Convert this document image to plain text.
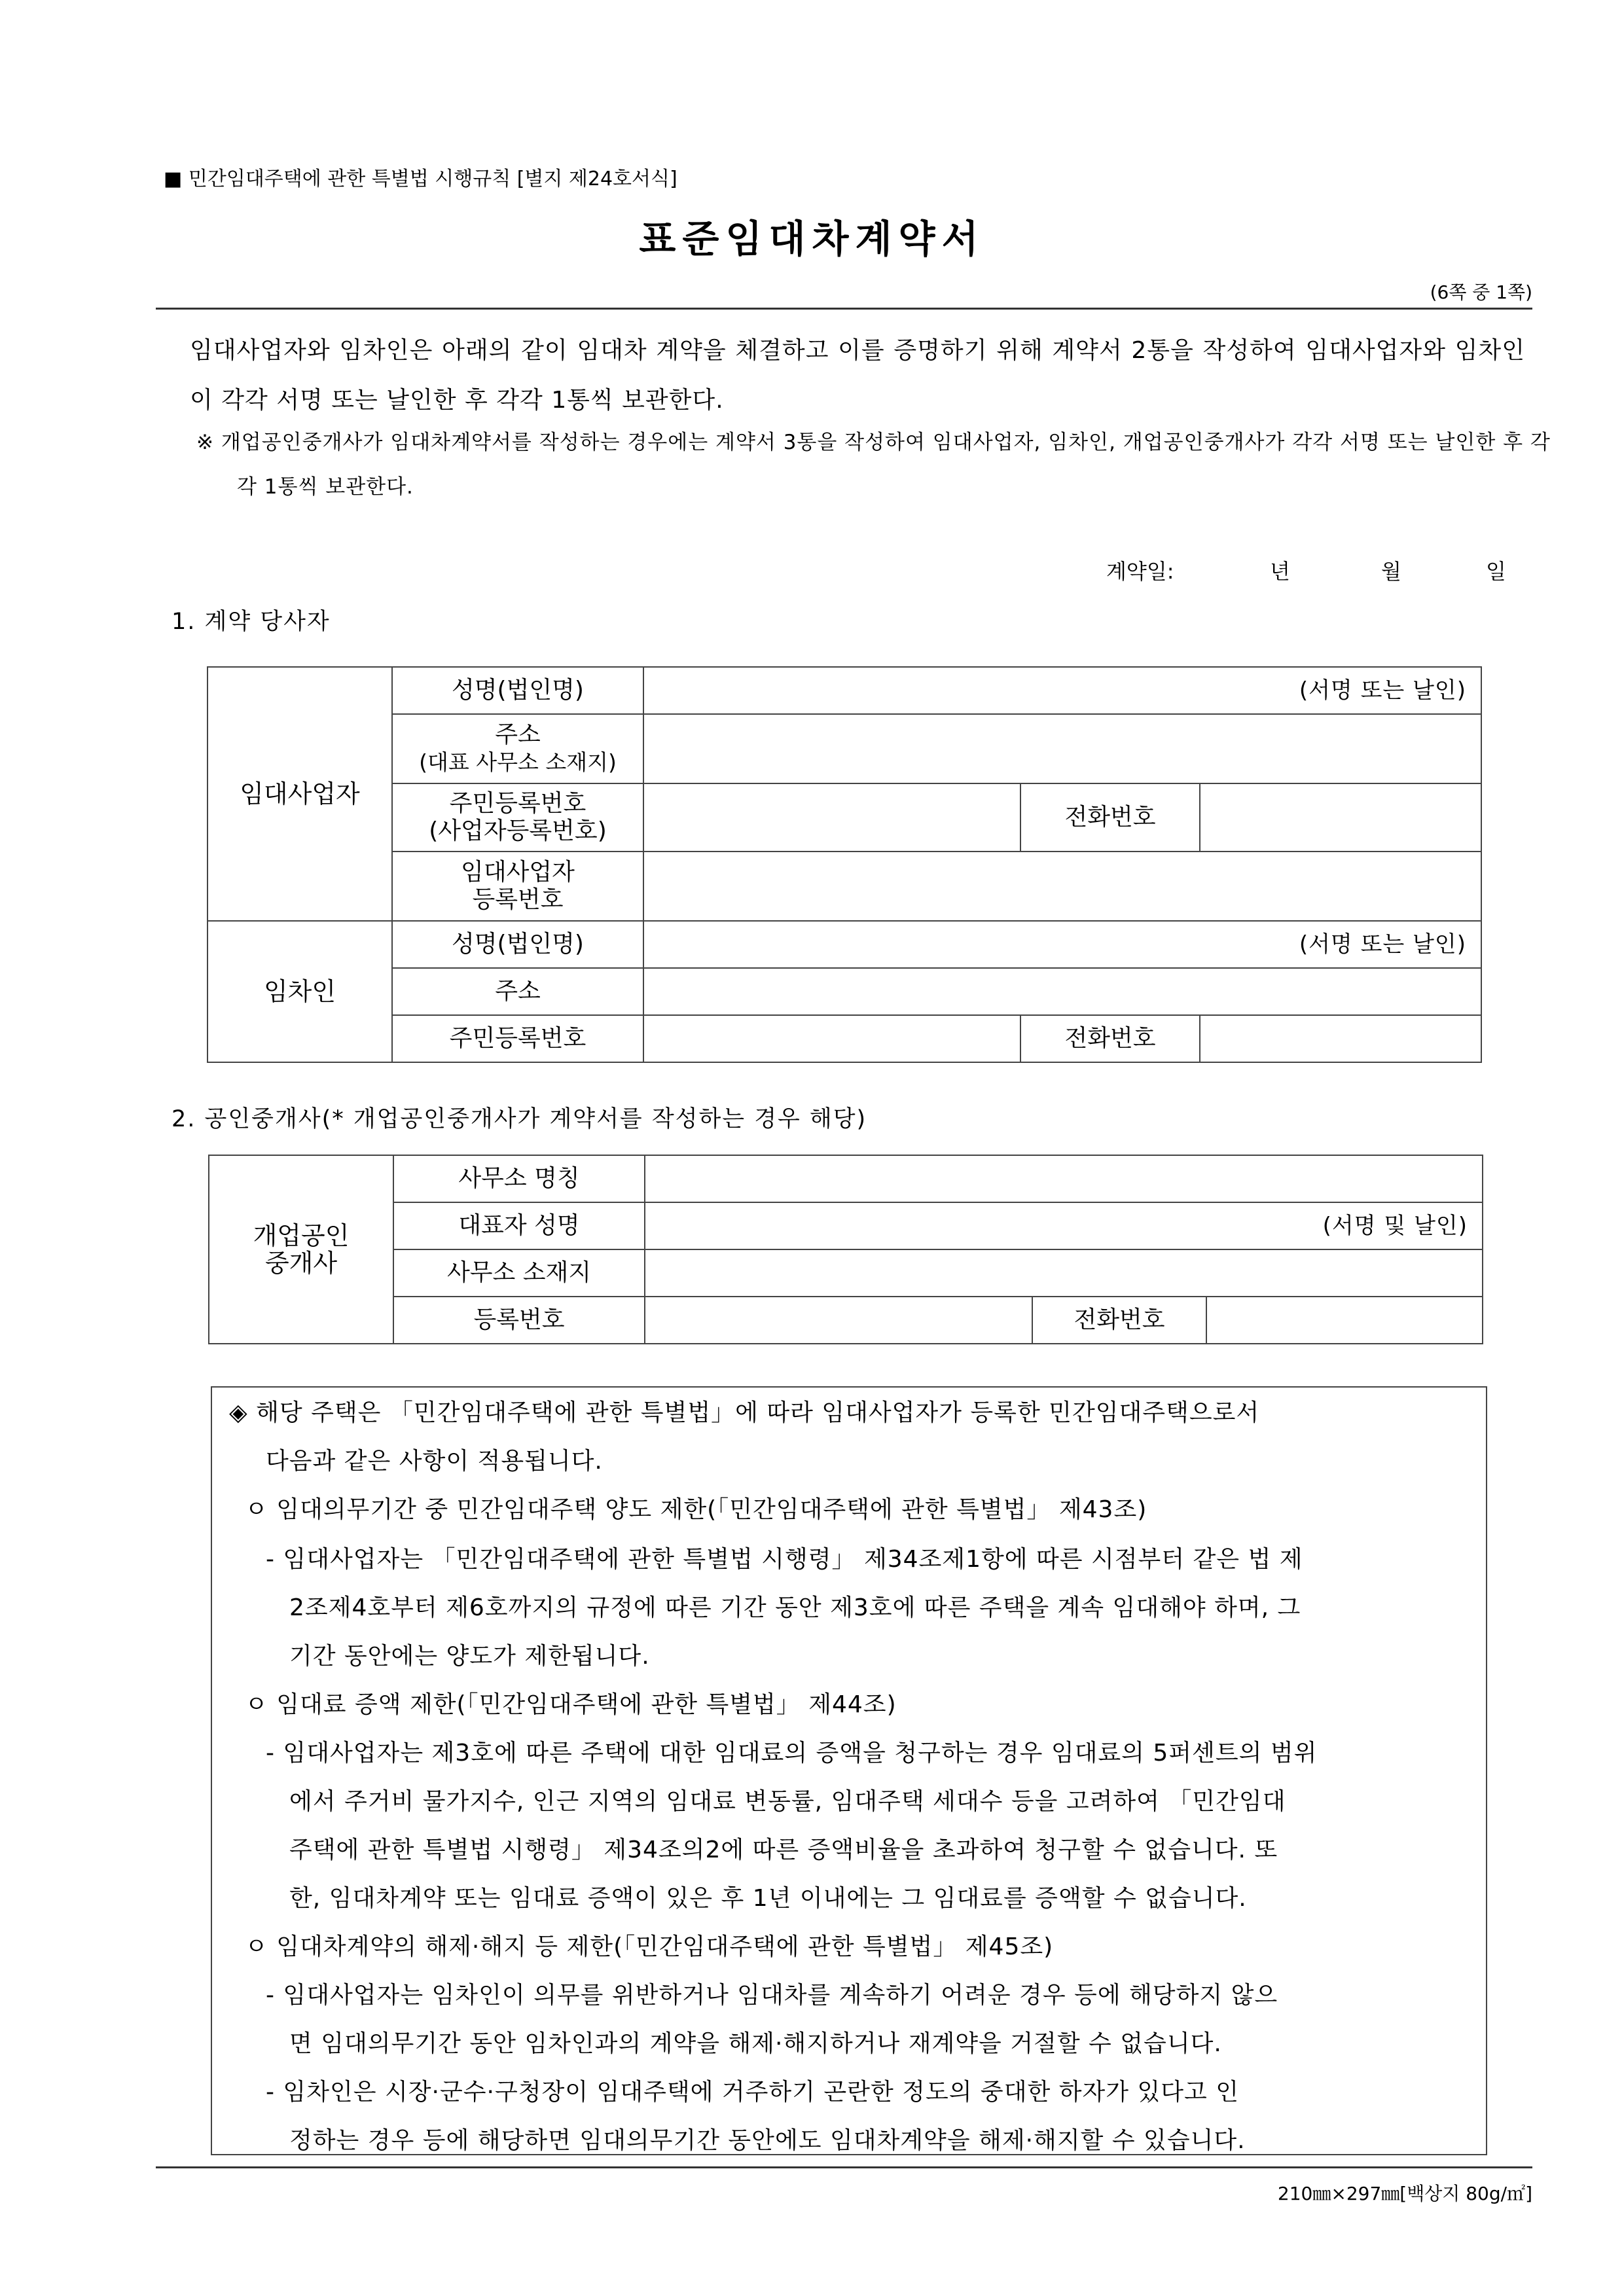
■ 민간임대주택에 관한 특별법 시행규칙 [별지 제24호서식]
표준임대차계약서
(6쪽 중 1쪽)
임대사업자와 임차인은 아래의 같이 임대차 계약을 체결하고 이를 증명하기 위해 계약서 2통을 작성하여 임대사업자와 임차인이 각각 서명 또는 날인한 후 각각 1통씩 보관한다.
※ 개업공인중개사가 임대차계약서를 작성하는 경우에는 계약서 3통을 작성하여 임대사업자, 임차인, 개업공인중개사가 각각 서명 또는 날인한 후 각각 1통씩 보관한다.
계약일:	년	월	일
1. 계약 당사자
임대사업자	성명(법인명)	(서명 또는 날인)		

	주소
(대표 사무소 소재지)			

	주민등록번호
(사업자등록번호)		전화번호	

	임대사업자
등록번호			

임차인	성명(법인명)	(서명 또는 날인)		
	주소			
	주민등록번호		전화번호	
2. 공인중개사(* 개업공인중개사가 계약서를 작성하는 경우 해당)
개업공인
중개사	사무소 명칭			
	대표자 성명	(서명 및 날인)		
	사무소 소재지			
	등록번호		전화번호	
◈ 해당 주택은 「민간임대주택에 관한 특별법」에 따라 임대사업자가 등록한 민간임대주택으로서
다음과 같은 사항이 적용됩니다.
ㅇ 임대의무기간 중 민간임대주택 양도 제한(「민간임대주택에 관한 특별법」 제43조)
- 임대사업자는 「민간임대주택에 관한 특별법 시행령」 제34조제1항에 따른 시점부터 같은 법 제
2조제4호부터 제6호까지의 규정에 따른 기간 동안 제3호에 따른 주택을 계속 임대해야 하며, 그
기간 동안에는 양도가 제한됩니다.
ㅇ 임대료 증액 제한(「민간임대주택에 관한 특별법」 제44조)
- 임대사업자는 제3호에 따른 주택에 대한 임대료의 증액을 청구하는 경우 임대료의 5퍼센트의 범위
에서 주거비 물가지수, 인근 지역의 임대료 변동률, 임대주택 세대수 등을 고려하여 「민간임대
주택에 관한 특별법 시행령」 제34조의2에 따른 증액비율을 초과하여 청구할 수 없습니다. 또
한, 임대차계약 또는 임대료 증액이 있은 후 1년 이내에는 그 임대료를 증액할 수 없습니다.
ㅇ 임대차계약의 해제·해지 등 제한(「민간임대주택에 관한 특별법」 제45조)
- 임대사업자는 임차인이 의무를 위반하거나 임대차를 계속하기 어려운 경우 등에 해당하지 않으
면 임대의무기간 동안 임차인과의 계약을 해제·해지하거나 재계약을 거절할 수 없습니다.
- 임차인은 시장·군수·구청장이 임대주택에 거주하기 곤란한 정도의 중대한 하자가 있다고 인
정하는 경우 등에 해당하면 임대의무기간 동안에도 임대차계약을 해제·해지할 수 있습니다.
210㎜×297㎜[백상지 80g/㎡]
